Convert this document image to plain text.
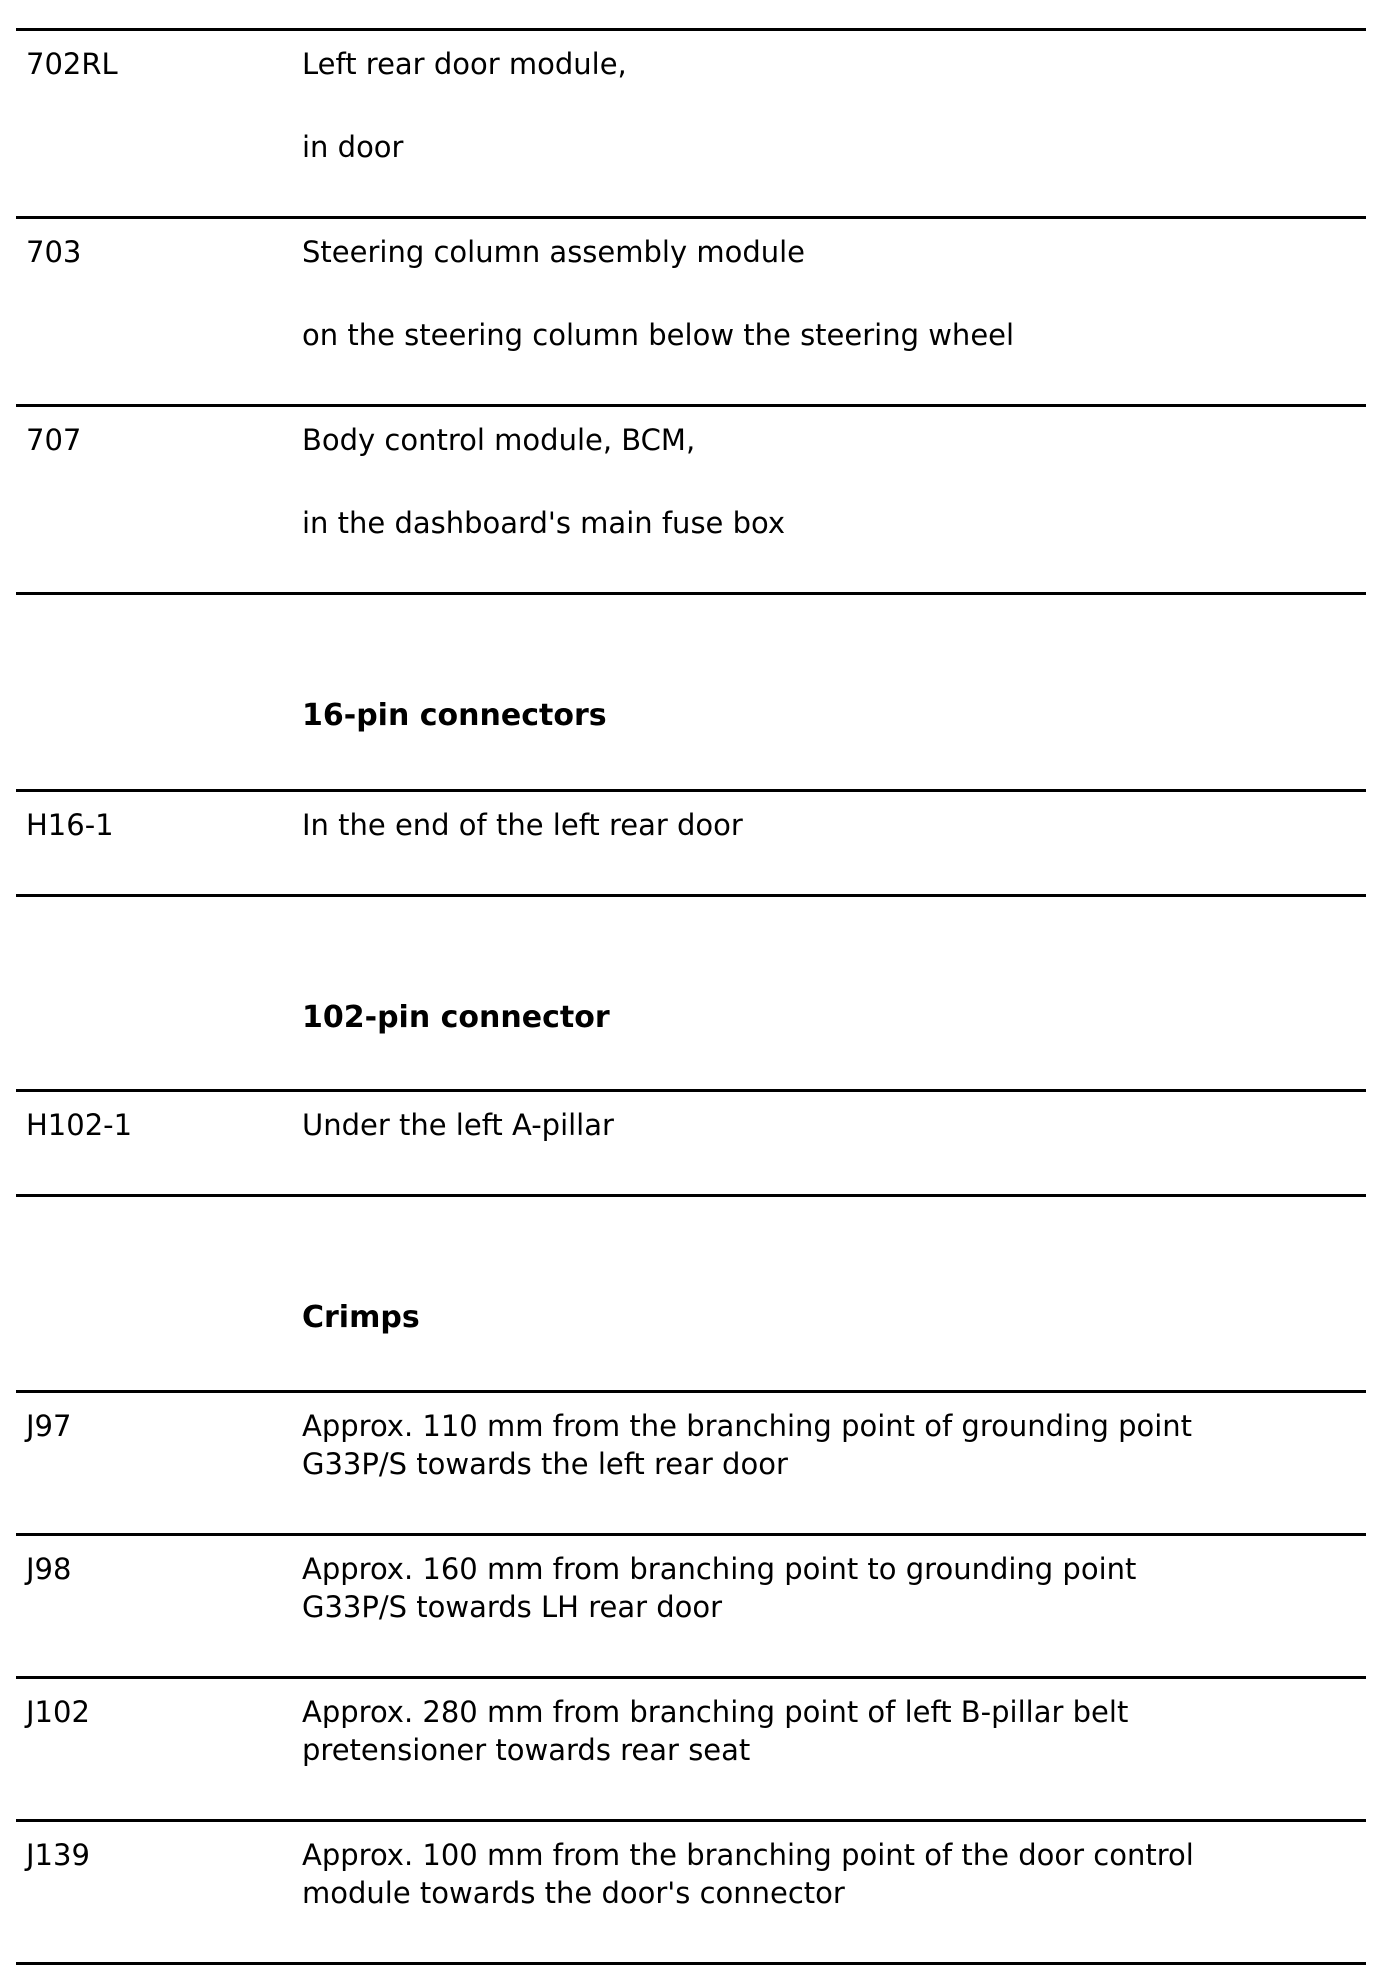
702RL	Left rear door module,
in door
703	Steering column assembly module
on the steering column below the steering wheel
707	Body control module, BCM,
in the dashboard's main fuse box
16-pin connectors
H16-1	In the end of the left rear door
102-pin connector
H102-1	Under the left A-pillar
Crimps
J97	Approx. 110 mm from the branching point of grounding point G33P/S towards the left rear door
J98	Approx. 160 mm from branching point to grounding point G33P/S towards LH rear door
J102	Approx. 280 mm from branching point of left B-pillar belt pretensioner towards rear seat
J139	Approx. 100 mm from the branching point of the door control module towards the door's connector
